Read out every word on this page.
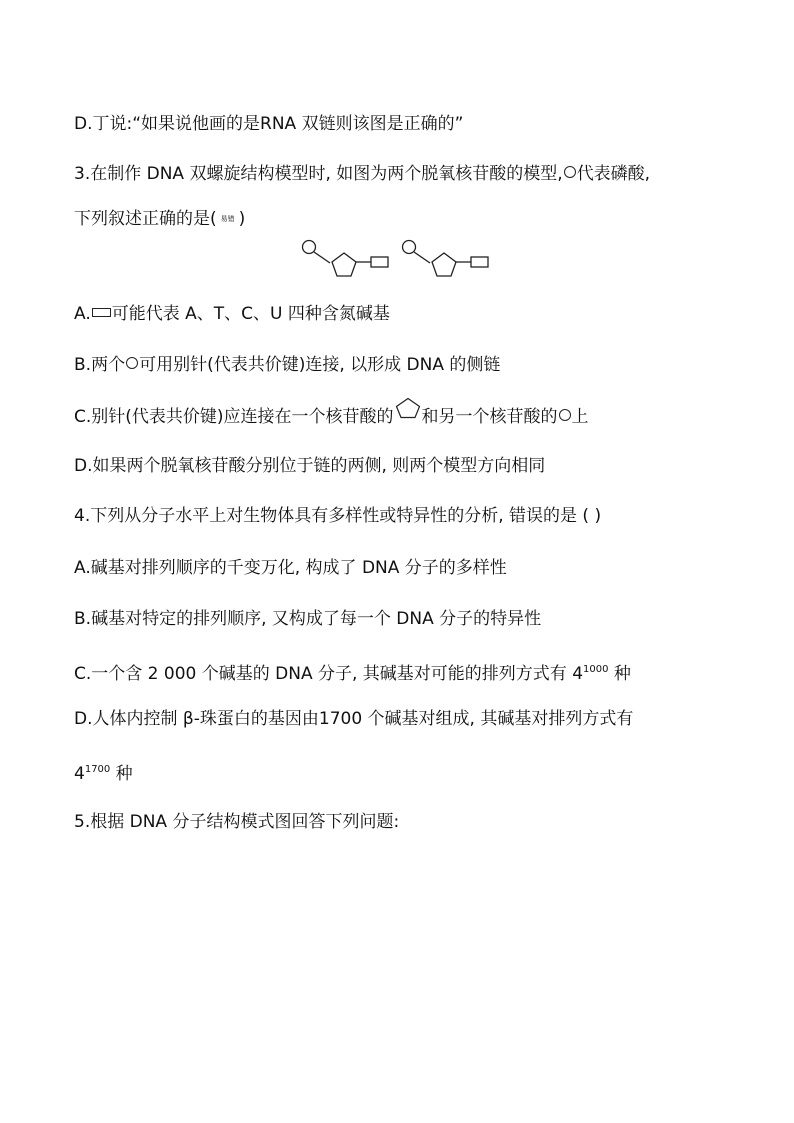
D.丁说:“如果说他画的是RNA 双链则该图是正确的”
3.在制作 DNA 双螺旋结构模型时, 如图为两个脱氧核苷酸的模型, 代表磷酸,
下列叙述正确的是( 易错 )
A. 可能代表 A、T、C、U 四种含氮碱基
B.两个 可用别针(代表共价键)连接, 以形成 DNA 的侧链
C.别针(代表共价键)应连接在一个核苷酸的 和另一个核苷酸的 上
D.如果两个脱氧核苷酸分别位于链的两侧, 则两个模型方向相同
4.下列从分子水平上对生物体具有多样性或特异性的分析, 错误的是 ( )
A.碱基对排列顺序的千变万化, 构成了 DNA 分子的多样性
B.碱基对特定的排列顺序, 又构成了每一个 DNA 分子的特异性
C.一个含 2 000 个碱基的 DNA 分子, 其碱基对可能的排列方式有 $4^{1000}$ 种
D.人体内控制 β-珠蛋白的基因由1700 个碱基对组成, 其碱基对排列方式有
$4^{1700}$ 种
5.根据 DNA 分子结构模式图回答下列问题:
